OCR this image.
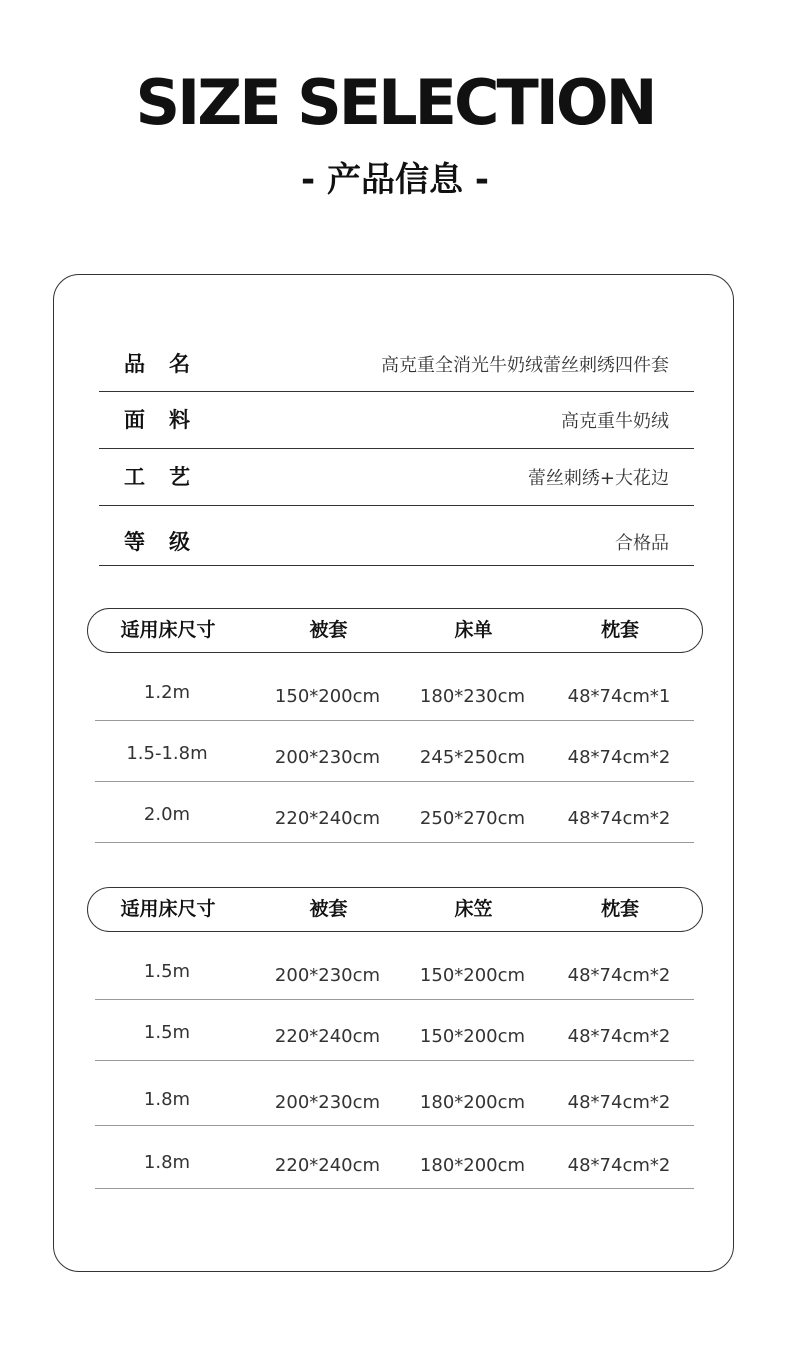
SIZE SELECTION
- 产品信息 -
品 名	高克重全消光牛奶绒蕾丝刺绣四件套
面 料	高克重牛奶绒
工 艺	蕾丝刺绣+大花边
等 级	合格品
适用床尺寸	被套	床单	枕套
1.2m	150*200cm	180*230cm	48*74cm*1
1.5-1.8m	200*230cm	245*250cm	48*74cm*2
2.0m	220*240cm	250*270cm	48*74cm*2
适用床尺寸	被套	床笠	枕套
1.5m	200*230cm	150*200cm	48*74cm*2
1.5m	220*240cm	150*200cm	48*74cm*2
1.8m	200*230cm	180*200cm	48*74cm*2
1.8m	220*240cm	180*200cm	48*74cm*2
